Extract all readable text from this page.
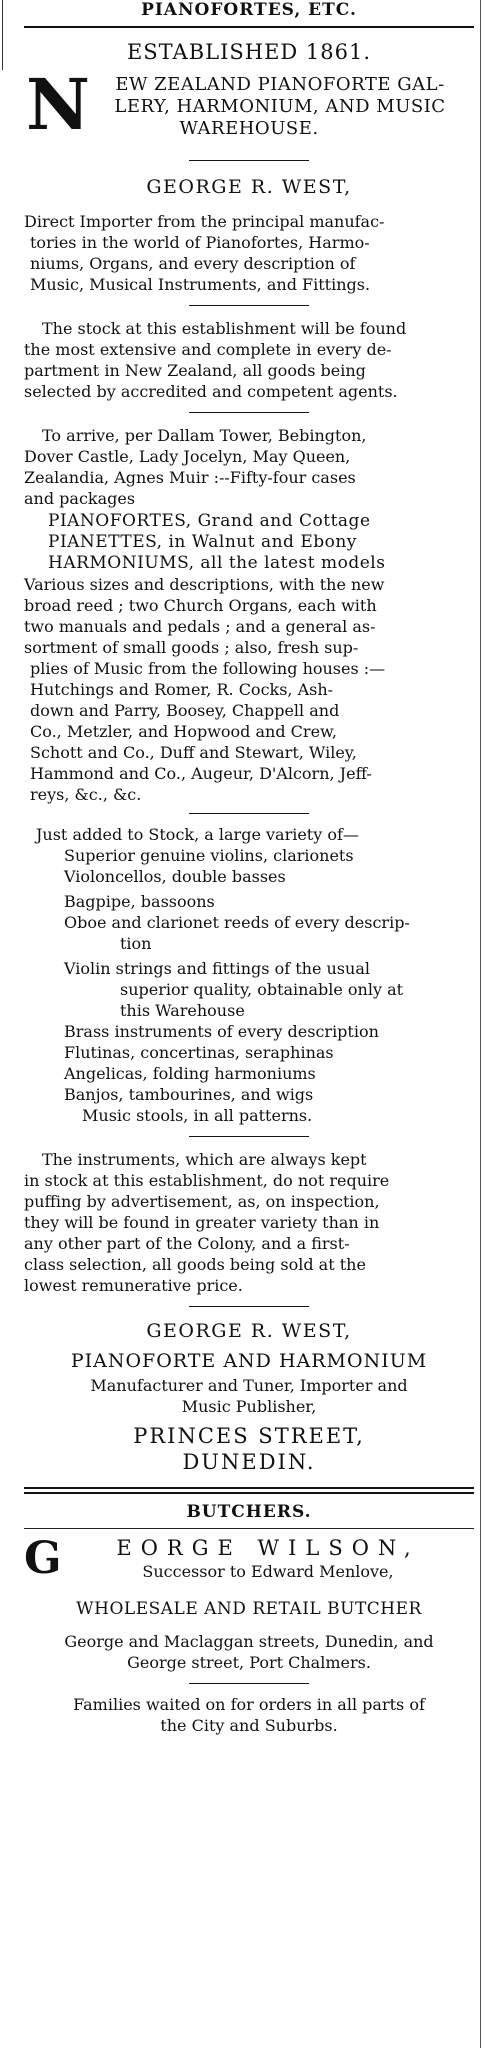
PIANOFORTES, ETC.
ESTABLISHED 1861.
N	EW ZEALAND PIANOFORTE GAL-
LERY, HARMONIUM, AND MUSIC
WAREHOUSE.
GEORGE R. WEST,
Direct Importer from the principal manufac-
tories in the world of Pianofortes, Harmo-
niums, Organs, and every description of
Music, Musical Instruments, and Fittings.
The stock at this establishment will be found
the most extensive and complete in every de-
partment in New Zealand, all goods being
selected by accredited and competent agents.
To arrive, per Dallam Tower, Bebington,
Dover Castle, Lady Jocelyn, May Queen,
Zealandia, Agnes Muir :--Fifty-four cases
and packages
PIANOFORTES, Grand and Cottage
PIANETTES, in Walnut and Ebony
HARMONIUMS, all the latest models
Various sizes and descriptions, with the new
broad reed ; two Church Organs, each with
two manuals and pedals ; and a general as-
sortment of small goods ; also, fresh sup-
plies of Music from the following houses :—
Hutchings and Romer, R. Cocks, Ash-
down and Parry, Boosey, Chappell and
Co., Metzler, and Hopwood and Crew,
Schott and Co., Duff and Stewart, Wiley,
Hammond and Co., Augeur, D'Alcorn, Jeff-
reys, &c., &c.
Just added to Stock, a large variety of—
Superior genuine violins, clarionets
Violoncellos, double basses
Bagpipe, bassoons
Oboe and clarionet reeds of every descrip-
tion
Violin strings and fittings of the usual
superior quality, obtainable only at
this Warehouse
Brass instruments of every description
Flutinas, concertinas, seraphinas
Angelicas, folding harmoniums
Banjos, tambourines, and wigs
Music stools, in all patterns.
The instruments, which are always kept
in stock at this establishment, do not require
puffing by advertisement, as, on inspection,
they will be found in greater variety than in
any other part of the Colony, and a first-
class selection, all goods being sold at the
lowest remunerative price.
GEORGE R. WEST,
PIANOFORTE AND HARMONIUM
Manufacturer and Tuner, Importer and
Music Publisher,
PRINCES STREET,
DUNEDIN.
BUTCHERS.
G	EORGE WILSON,
Successor to Edward Menlove,
WHOLESALE AND RETAIL BUTCHER
George and Maclaggan streets, Dunedin, and
George street, Port Chalmers.
Families waited on for orders in all parts of
the City and Suburbs.
